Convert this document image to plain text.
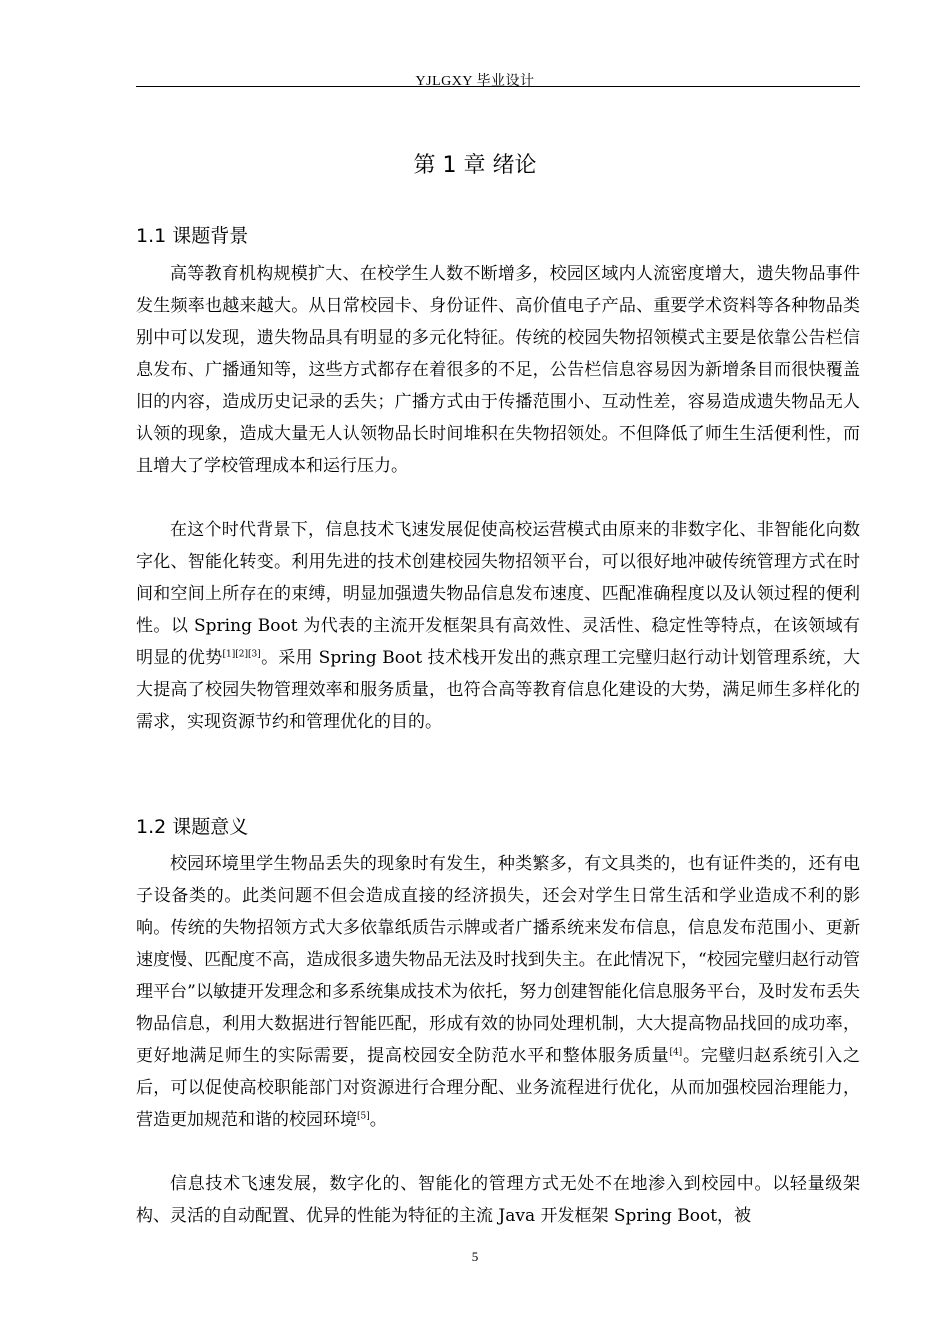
YJLGXY 毕业设计
第 1 章 绪论
1.1 课题背景

高等教育机构规模扩大、在校学生人数不断增多，校园区域内人流密度增大，遗失物品事件发生频率也越来越大。从日常校园卡、身份证件、高价值电子产品、重要学术资料等各种物品类别中可以发现，遗失物品具有明显的多元化特征。传统的校园失物招领模式主要是依靠公告栏信息发布、广播通知等，这些方式都存在着很多的不足，公告栏信息容易因为新增条目而很快覆盖旧的内容，造成历史记录的丢失；广播方式由于传播范围小、互动性差，容易造成遗失物品无人认领的现象，造成大量无人认领物品长时间堆积在失物招领处。不但降低了师生生活便利性，而且增大了学校管理成本和运行压力。

在这个时代背景下，信息技术飞速发展促使高校运营模式由原来的非数字化、非智能化向数字化、智能化转变。利用先进的技术创建校园失物招领平台，可以很好地冲破传统管理方式在时间和空间上所存在的束缚，明显加强遗失物品信息发布速度、匹配准确程度以及认领过程的便利性。以 Spring Boot 为代表的主流开发框架具有高效性、灵活性、稳定性等特点，在该领域有明显的优势[1][2][3]。采用 Spring Boot 技术栈开发出的燕京理工完璧归赵行动计划管理系统，大大提高了校园失物管理效率和服务质量，也符合高等教育信息化建设的大势，满足师生多样化的需求，实现资源节约和管理优化的目的。

1.2 课题意义

校园环境里学生物品丢失的现象时有发生，种类繁多，有文具类的，也有证件类的，还有电子设备类的。此类问题不但会造成直接的经济损失，还会对学生日常生活和学业造成不利的影响。传统的失物招领方式大多依靠纸质告示牌或者广播系统来发布信息，信息发布范围小、更新速度慢、匹配度不高，造成很多遗失物品无法及时找到失主。在此情况下，“校园完璧归赵行动管理平台”以敏捷开发理念和多系统集成技术为依托，努力创建智能化信息服务平台，及时发布丢失物品信息，利用大数据进行智能匹配，形成有效的协同处理机制，大大提高物品找回的成功率，更好地满足师生的实际需要，提高校园安全防范水平和整体服务质量[4]。完璧归赵系统引入之后，可以促使高校职能部门对资源进行合理分配、业务流程进行优化，从而加强校园治理能力，营造更加规范和谐的校园环境[5]。

信息技术飞速发展，数字化的、智能化的管理方式无处不在地渗入到校园中。以轻量级架构、灵活的自动配置、优异的性能为特征的主流 Java 开发框架 Spring Boot，被

5
